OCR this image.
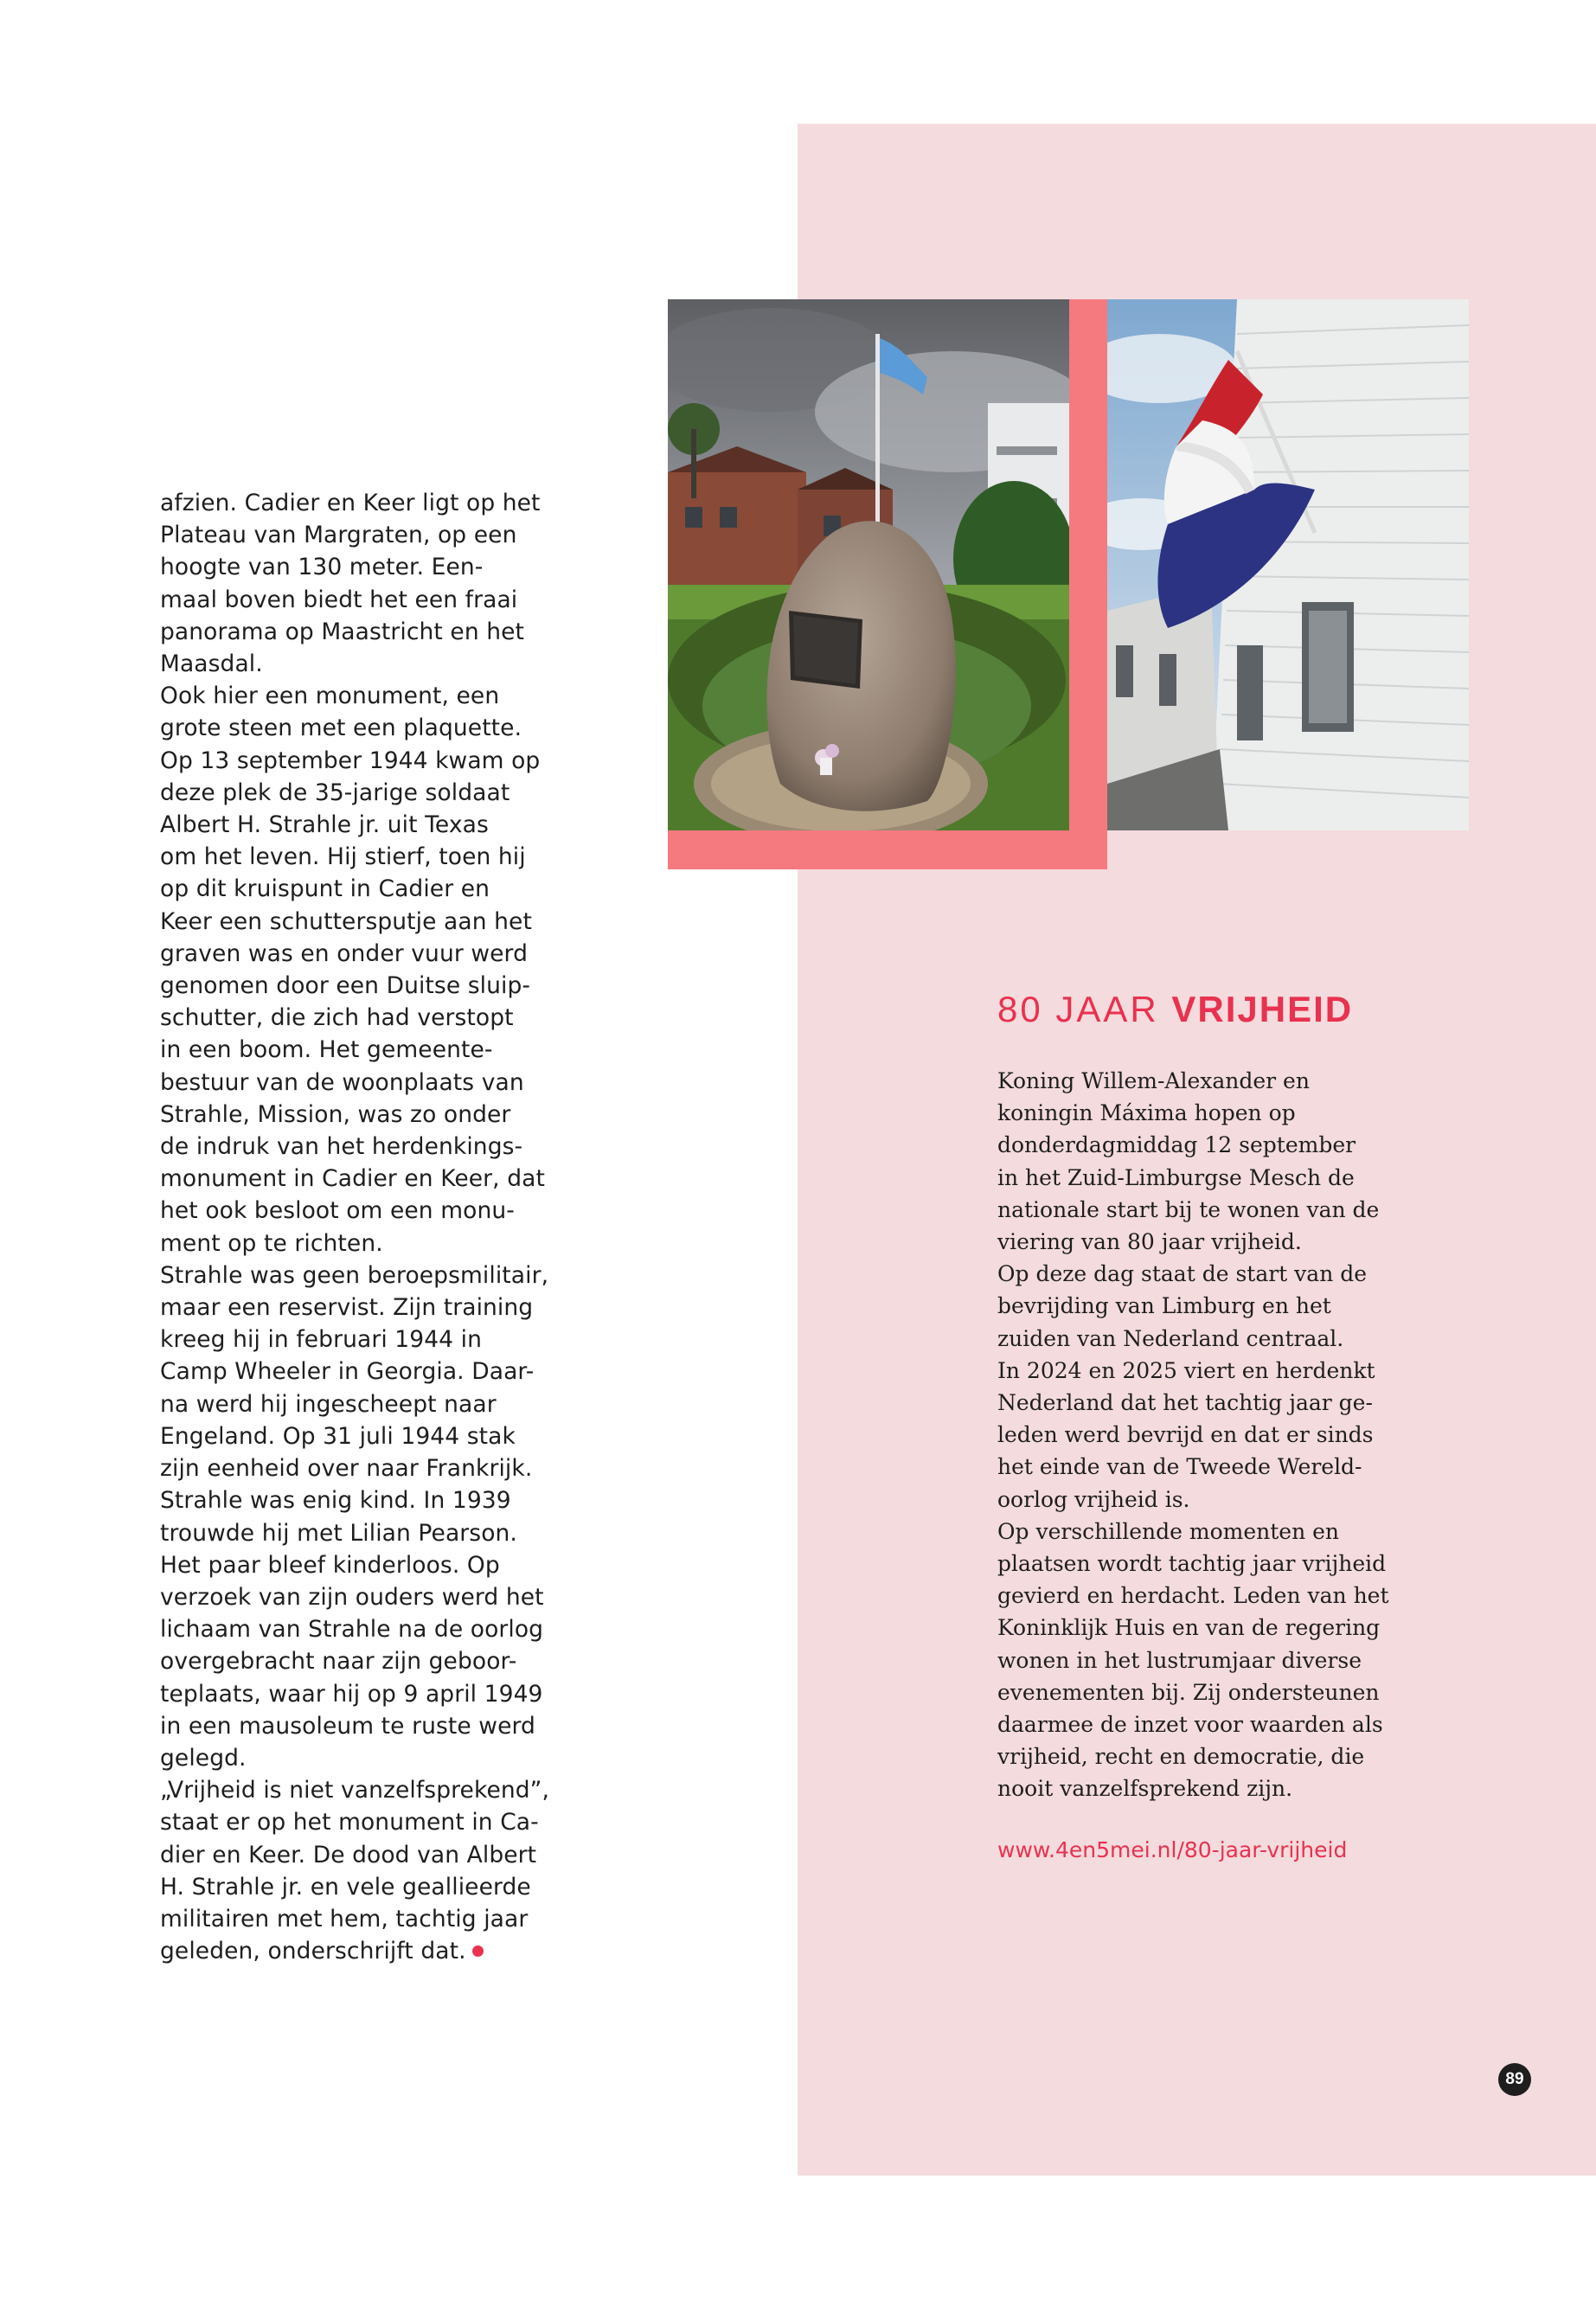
afzien. Cadier en Keer ligt op het
Plateau van Margraten, op een
hoogte van 130 meter. Een-
maal boven biedt het een fraai
panorama op Maastricht en het
Maasdal.
Ook hier een monument, een
grote steen met een plaquette.
Op 13 september 1944 kwam op
deze plek de 35-jarige soldaat
Albert H. Strahle jr. uit Texas
om het leven. Hij stierf, toen hij
op dit kruispunt in Cadier en
Keer een schuttersputje aan het
graven was en onder vuur werd
genomen door een Duitse sluip-
schutter, die zich had verstopt
in een boom. Het gemeente-
bestuur van de woonplaats van
Strahle, Mission, was zo onder
de indruk van het herdenkings-
monument in Cadier en Keer, dat
het ook besloot om een monu-
ment op te richten.
Strahle was geen beroepsmilitair,
maar een reservist. Zijn training
kreeg hij in februari 1944 in
Camp Wheeler in Georgia. Daar-
na werd hij ingescheept naar
Engeland. Op 31 juli 1944 stak
zijn eenheid over naar Frankrijk.
Strahle was enig kind. In 1939
trouwde hij met Lilian Pearson.
Het paar bleef kinderloos. Op
verzoek van zijn ouders werd het
lichaam van Strahle na de oorlog
overgebracht naar zijn geboor-
teplaats, waar hij op 9 april 1949
in een mausoleum te ruste werd
gelegd.
„Vrijheid is niet vanzelfsprekend”,
staat er op het monument in Ca-
dier en Keer. De dood van Albert
H. Strahle jr. en vele geallieerde
militairen met hem, tachtig jaar
geleden, onderschrijft dat.
80 JAAR VRIJHEID
Koning Willem-Alexander en
koningin Máxima hopen op
donderdagmiddag 12 september
in het Zuid-Limburgse Mesch de
nationale start bij te wonen van de
viering van 80 jaar vrijheid.
Op deze dag staat de start van de
bevrijding van Limburg en het
zuiden van Nederland centraal.
In 2024 en 2025 viert en herdenkt
Nederland dat het tachtig jaar ge-
leden werd bevrijd en dat er sinds
het einde van de Tweede Wereld-
oorlog vrijheid is.
Op verschillende momenten en
plaatsen wordt tachtig jaar vrijheid
gevierd en herdacht. Leden van het
Koninklijk Huis en van de regering
wonen in het lustrumjaar diverse
evenementen bij. Zij ondersteunen
daarmee de inzet voor waarden als
vrijheid, recht en democratie, die
nooit vanzelfsprekend zijn.
www.4en5mei.nl/80-jaar-vrijheid
89
